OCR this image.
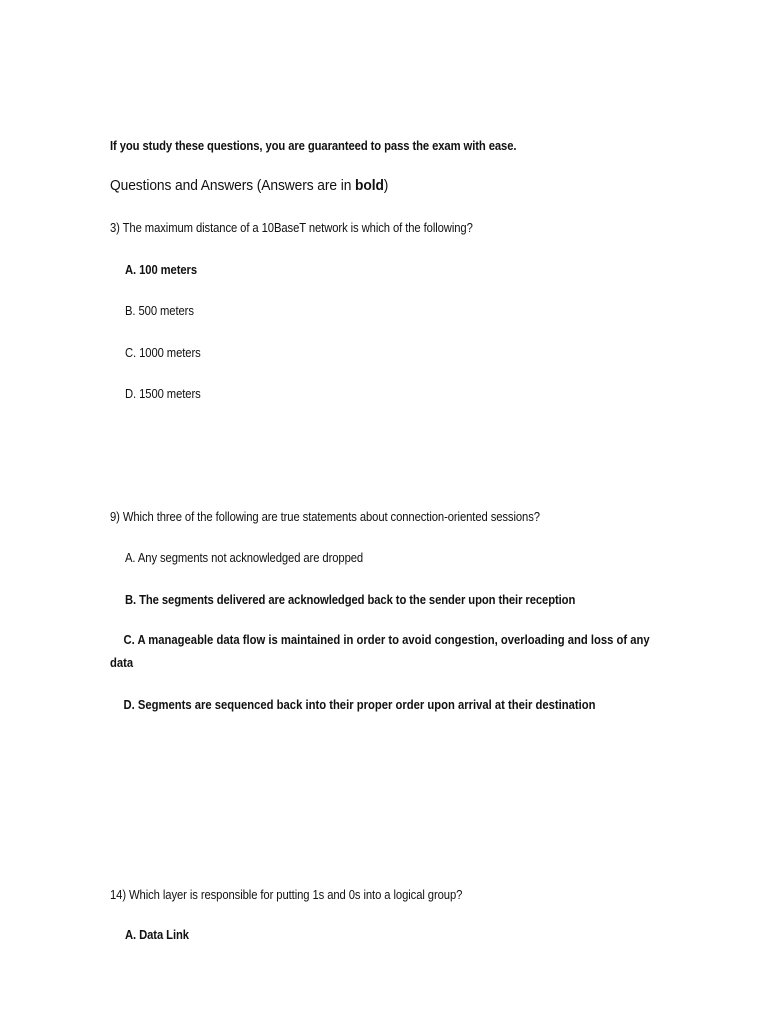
If you study these questions, you are guaranteed to pass the exam with ease.
Questions and Answers (Answers are in bold)
3) The maximum distance of a 10BaseT network is which of the following?
A. 100 meters
B. 500 meters
C. 1000 meters
D. 1500 meters
9) Which three of the following are true statements about connection-oriented sessions?
A. Any segments not acknowledged are dropped
B. The segments delivered are acknowledged back to the sender upon their reception
C. A manageable data flow is maintained in order to avoid congestion, overloading and loss of any data
D. Segments are sequenced back into their proper order upon arrival at their destination
14) Which layer is responsible for putting 1s and 0s into a logical group?
A. Data Link
